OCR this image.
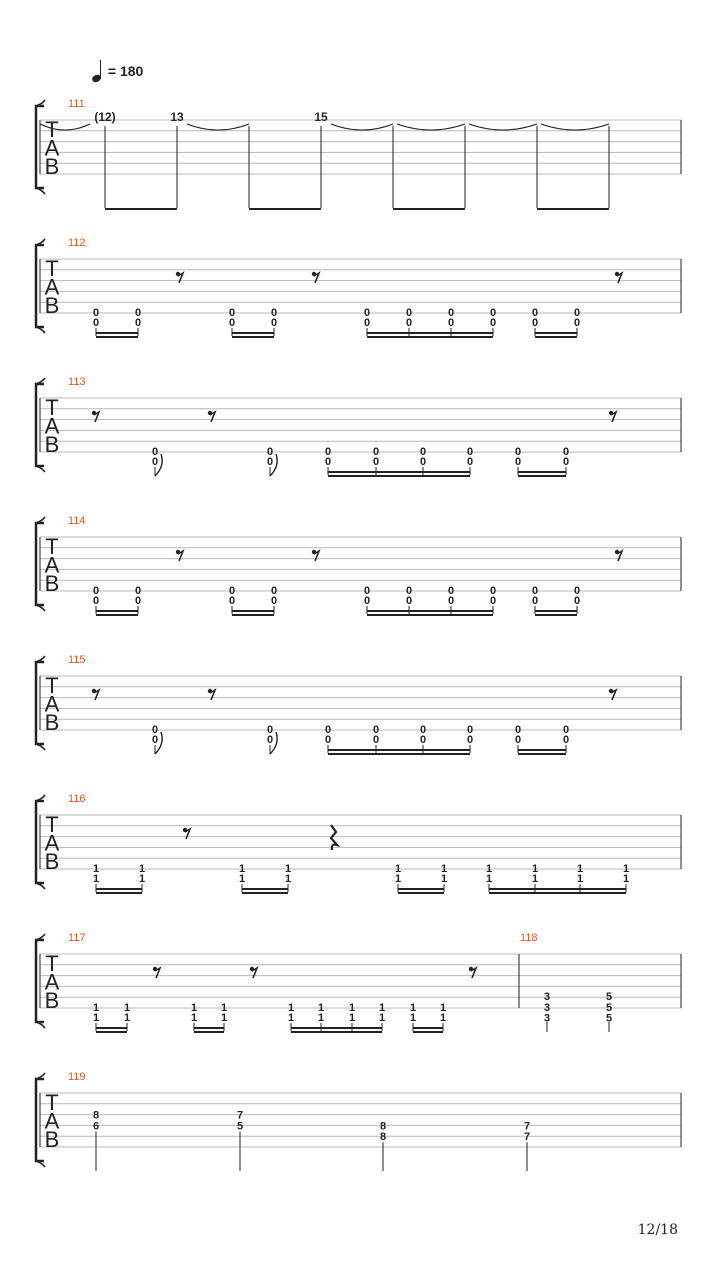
= 180
T
A
B
111
(12)	13	15
T
A
B
112
0
0
0
0
0
0
0
0
0
0
0
0
0
0
0
0
0
0
0
0
T
A
B
114
0
0
0
0
0
0
0
0
0
0
0
0
0
0
0
0
0
0
0
0
T
A
B
113
0
0
0
0
0
0
0
0
0
0
0
0
0
0
0
0
T
A
B
115
0
0
0
0
0
0
0
0
0
0
0
0
0
0
0
0
T
A
B
116
1
1
1
1
1
1
1
1
1
1
1
1
1
1
1
1
1
1
1
1
T
A
B
117
1
1
1
1
1
1
1
1
1
1
1
1
1
1
1
1
1
1
1
1
118
3
3
3
5
5
5
T
A
B
119
8
6
7
5	8
8
7
7
12/18
